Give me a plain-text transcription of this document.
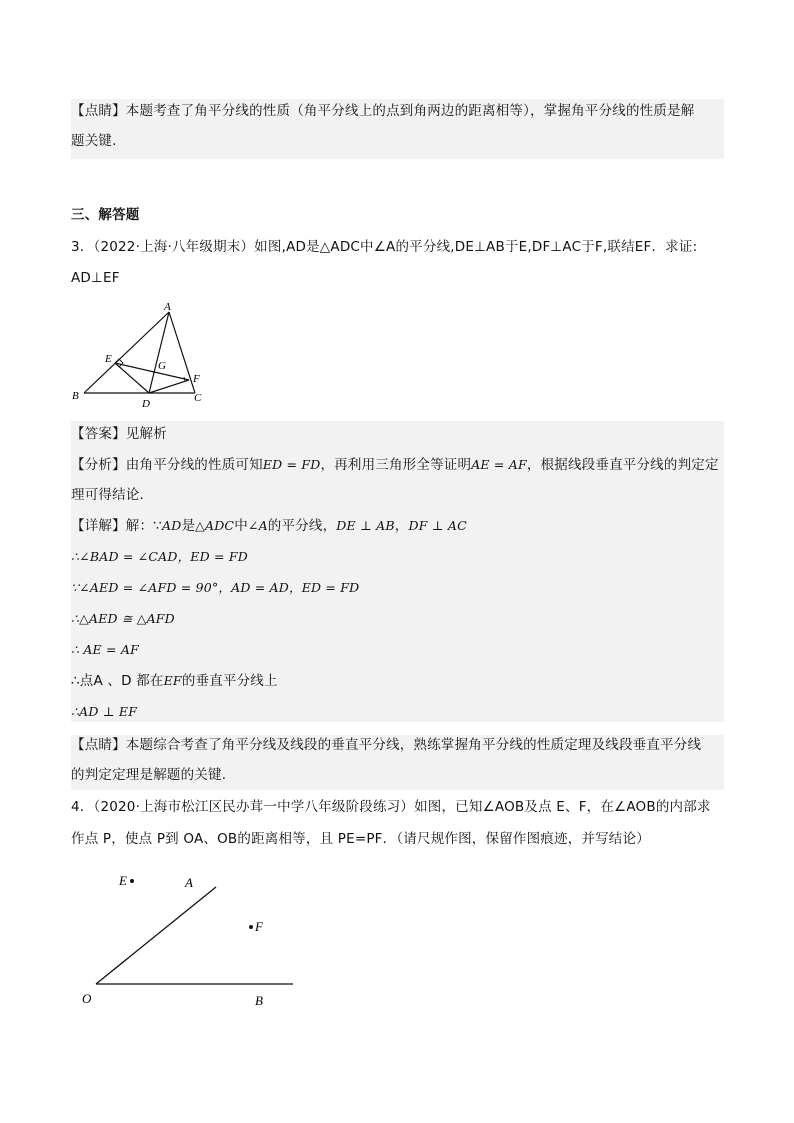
【点睛】本题考查了角平分线的性质（角平分线上的点到角两边的距离相等），掌握角平分线的性质是解
题关键.
三、解答题
3．（2022·上海·八年级期末）如图,AD是△ADC中∠A的平分线,DE⊥AB于E,DF⊥AC于F,联结EF．求证:
AD⊥EF
A
B	C
D
E
F
G
【答案】见解析
【分析】由角平分线的性质可知ED = FD，再利用三角形全等证明AE = AF，根据线段垂直平分线的判定定
理可得结论.
【详解】解：∵AD是△ADC中∠A的平分线，DE ⊥ AB，DF ⊥ AC
∴∠BAD = ∠CAD，ED = FD
∵∠AED = ∠AFD = 90°，AD = AD，ED = FD
∴△AED ≅ △AFD
∴ AE = AF
∴点A 、D 都在EF的垂直平分线上
∴AD ⊥ EF
【点睛】本题综合考查了角平分线及线段的垂直平分线，熟练掌握角平分线的性质定理及线段垂直平分线
的判定定理是解题的关键.
4．（2020·上海市松江区民办茸一中学八年级阶段练习）如图，已知∠AOB及点 E、F，在∠AOB的内部求
作点 P，使点 P到 OA、OB的距离相等，且 PE=PF．（请尺规作图，保留作图痕迹，并写结论）
E	A
F
O	B
